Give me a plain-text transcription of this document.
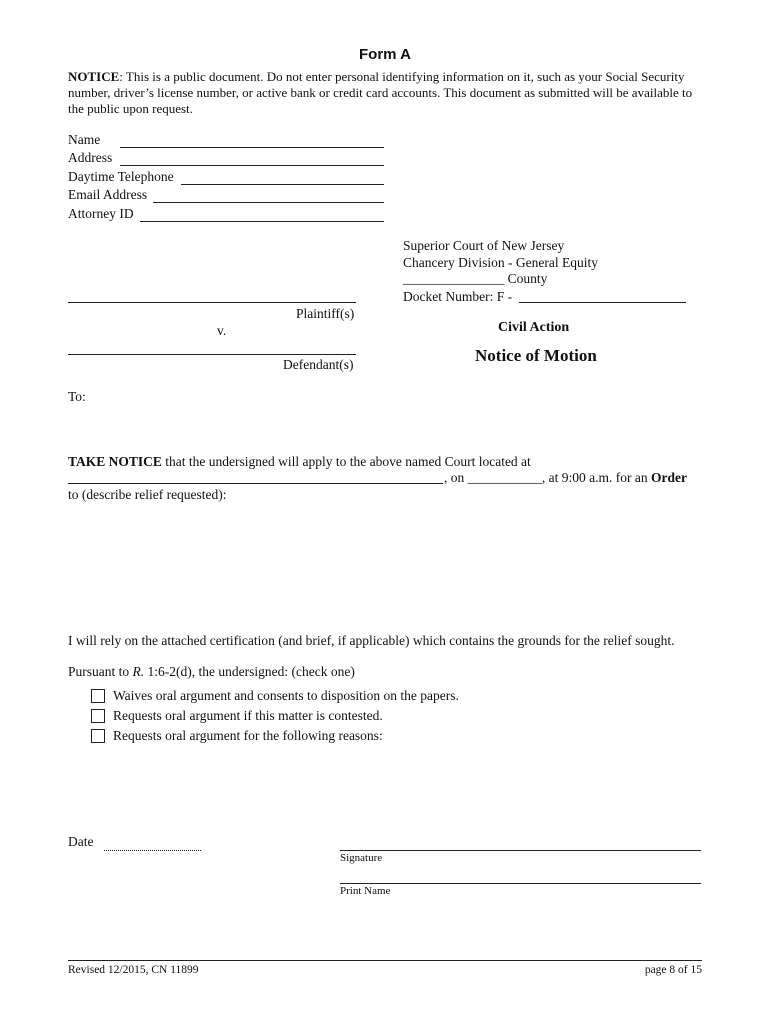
Form A
NOTICE: This is a public document. Do not enter personal identifying information on it, such as your Social Security number, driver’s license number, or active bank or credit card accounts. This document as submitted will be available to the public upon request.
Name
Address
Daytime Telephone
Email Address
Attorney ID
Superior Court of New Jersey
Chancery Division - General Equity
_______________ County
Docket Number: F -
Plaintiff(s)
v.	Civil Action
Defendant(s)	Notice of Motion
To:
TAKE NOTICE that the undersigned will apply to the above named Court located at
, on ___________, at 9:00 a.m. for an Order
to (describe relief requested):
I will rely on the attached certification (and brief, if applicable) which contains the grounds for the relief sought.
Pursuant to R. 1:6-2(d), the undersigned: (check one)
Waives oral argument and consents to disposition on the papers.
Requests oral argument if this matter is contested.
Requests oral argument for the following reasons:
Date
Signature
Print Name
Revised 12/2015, CN 11899	page 8 of 15
